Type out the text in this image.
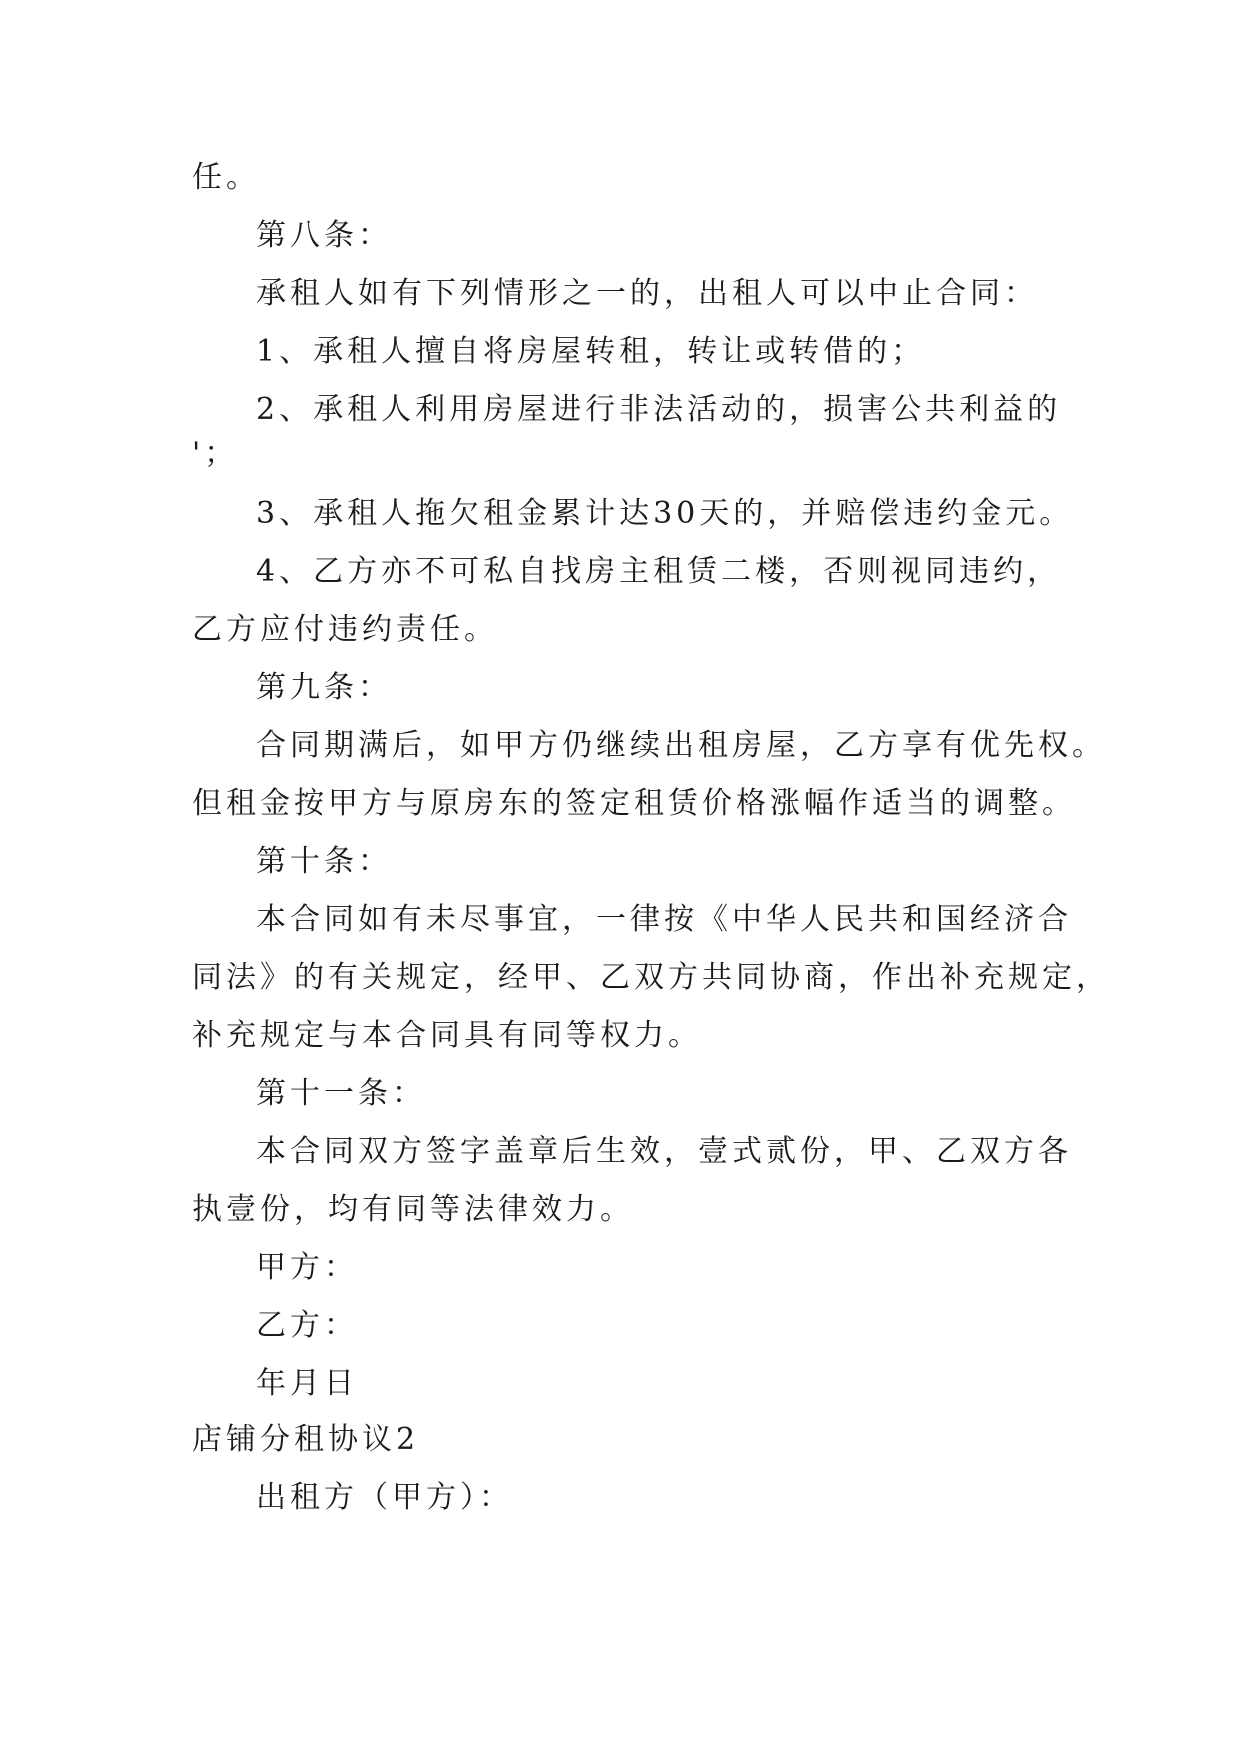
任。
第八条：
承租人如有下列情形之一的，出租人可以中止合同：
1、承租人擅自将房屋转租，转让或转借的；
2、承租人利用房屋进行非法活动的，损害公共利益的
'；
3、承租人拖欠租金累计达30天的，并赔偿违约金元。
4、乙方亦不可私自找房主租赁二楼，否则视同违约，
乙方应付违约责任。
第九条：
合同期满后，如甲方仍继续出租房屋，乙方享有优先权。
但租金按甲方与原房东的签定租赁价格涨幅作适当的调整。
第十条：
本合同如有未尽事宜，一律按《中华人民共和国经济合
同法》的有关规定，经甲、乙双方共同协商，作出补充规定，
补充规定与本合同具有同等权力。
第十一条：
本合同双方签字盖章后生效，壹式贰份，甲、乙双方各
执壹份，均有同等法律效力。
甲方：
乙方：
年月日
店铺分租协议2
出租方（甲方）：
